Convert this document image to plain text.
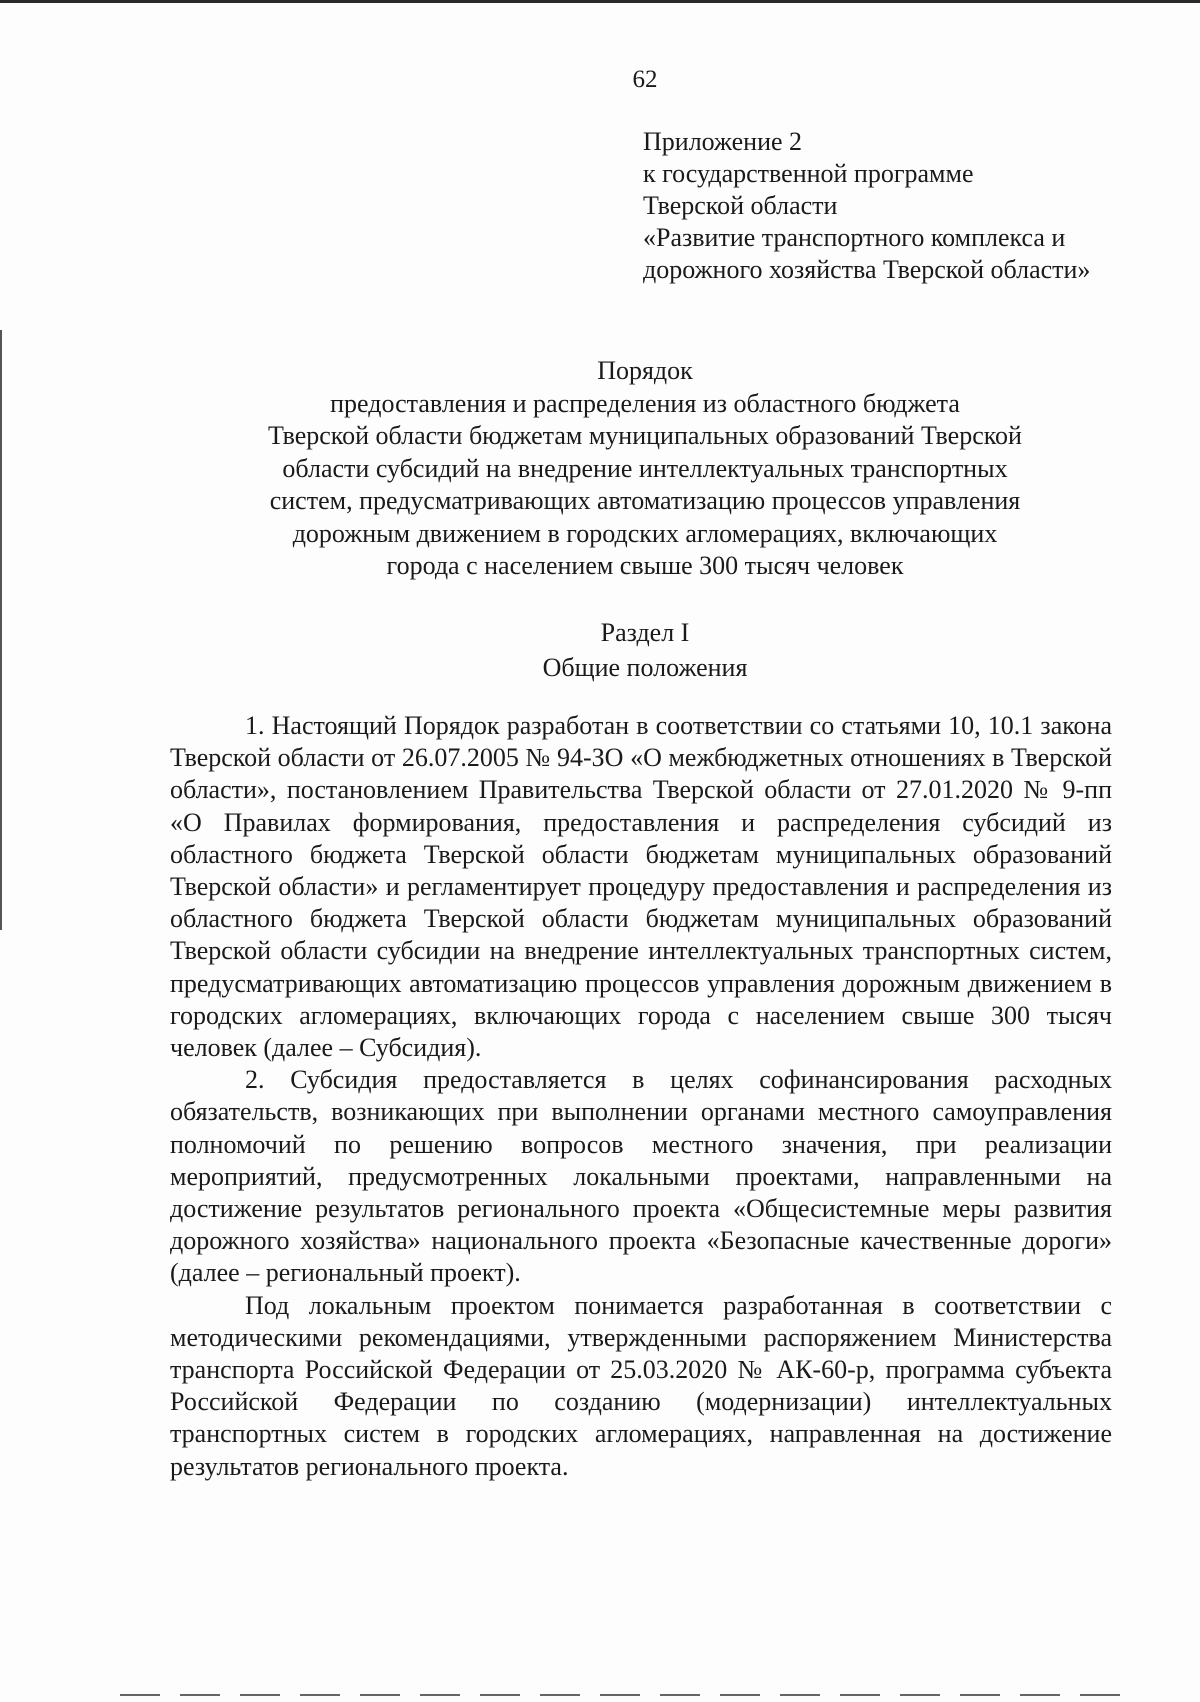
62
Приложение 2
к государственной программе
Тверской области
«Развитие транспортного комплекса и
дорожного хозяйства Тверской области»
Порядок
предоставления и распределения из областного бюджета
Тверской области бюджетам муниципальных образований Тверской
области субсидий на внедрение интеллектуальных транспортных
систем, предусматривающих автоматизацию процессов управления
дорожным движением в городских агломерациях, включающих
города с населением свыше 300 тысяч человек
Раздел I
Общие положения

1. Настоящий Порядок разработан в соответствии со статьями 10, 10.1 закона Тверской области от 26.07.2005 № 94-ЗО «О межбюджетных отношениях в Тверской области», постановлением Правительства Тверской области от 27.01.2020 № 9-пп «О Правилах формирования, предоставления и распределения субсидий из областного бюджета Тверской области бюджетам муниципальных образований Тверской области» и регламентирует процедуру предоставления и распределения из областного бюджета Тверской области бюджетам муниципальных образований Тверской области субсидии на внедрение интеллектуальных транспортных систем, предусматривающих автоматизацию процессов управления дорожным движением в городских агломерациях, включающих города с населением свыше 300 тысяч человек (далее – Субсидия).

2. Субсидия предоставляется в целях софинансирования расходных обязательств, возникающих при выполнении органами местного самоуправления полномочий по решению вопросов местного значения, при реализации мероприятий, предусмотренных локальными проектами, направленными на достижение результатов регионального проекта «Общесистемные меры развития дорожного хозяйства» национального проекта «Безопасные качественные дороги» (далее – региональный проект).

Под локальным проектом понимается разработанная в соответствии с методическими рекомендациями, утвержденными распоряжением Министерства транспорта Российской Федерации от 25.03.2020 № АК-60-р, программа субъекта Российской Федерации по созданию (модернизации) интеллектуальных транспортных систем в городских агломерациях, направленная на достижение результатов регионального проекта.
